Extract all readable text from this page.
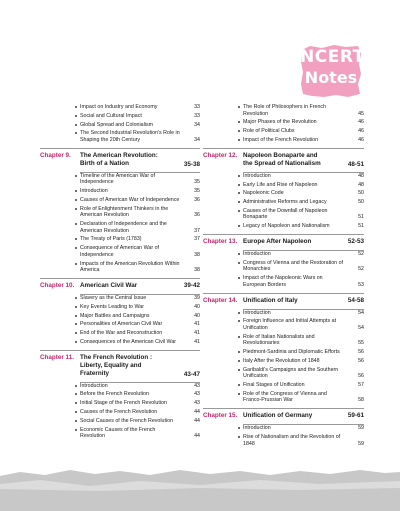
NCERT
Notes
Impact on Industry and Economy	33
Social and Cultural Impact	33
Global Spread and Colonialism	34
The Second Industrial Revolution's Role in Shaping the 20th Century	34
Chapter 9. The American Revolution: Birth of a Nation	35-38
Timeline of the American War of Independence	35
Introduction	35
Causes of American War of Independence	36
Role of Enlightenment Thinkers in the American Revolution	36
Declaration of Independence and the American Revolution	37
The Treaty of Paris (1783)	37
Consequence of American War of Independence	38
Impacts of the American Revolution Within America	38
Chapter 10. American Civil War	39-42
Slavery as the Central Issue	39
Key Events Leading to War	40
Major Battles and Campaigns	40
Personalities of American Civil War	41
End of the War and Reconstruction	41
Consequences of the American Civil War	41
Chapter 11. The French Revolution : Liberty, Equality and Fraternity	43-47
Introduction	43
Before the French Revolution	43
Initial Stage of the French Revolution	43
Causes of the French Revolution	44
Social Causes of the French Revolution	44
Economic Causes of the French Revolution	44
The Role of Philosophers in French Revolution	45
Major Phases of the Revolution	46
Role of Political Clubs	46
Impact of the French Revolution	46
Chapter 12. Napoleon Bonaparte and the Spread of Nationalism	48-51
Introduction	48
Early Life and Rise of Napoleon	48
Napoleonic Code	50
Administrative Reforms and Legacy	50
Causes of the Downfall of Napoleon Bonaparte	51
Legacy of Napoleon and Nationalism	51
Chapter 13. Europe After Napoleon	52-53
Introduction	52
Congress of Vienna and the Restoration of Monarchies	52
Impact of the Napoleonic Wars on European Borders	53
Chapter 14. Unification of Italy	54-58
Introduction	54
Foreign Influence and Initial Attempts at Unification	54
Role of Italian Nationalists and Revolutionaries	55
Piedmont-Sardinia and Diplomatic Efforts	56
Italy After the Revolution of 1848	56
Garibaldi's Campaigns and the Southern Unification	56
Final Stages of Unification	57
Role of the Congress of Vienna and Franco-Prussian War	58
Chapter 15. Unification of Germany	59-61
Introduction	59
Rise of Nationalism and the Revolution of 1848	59
